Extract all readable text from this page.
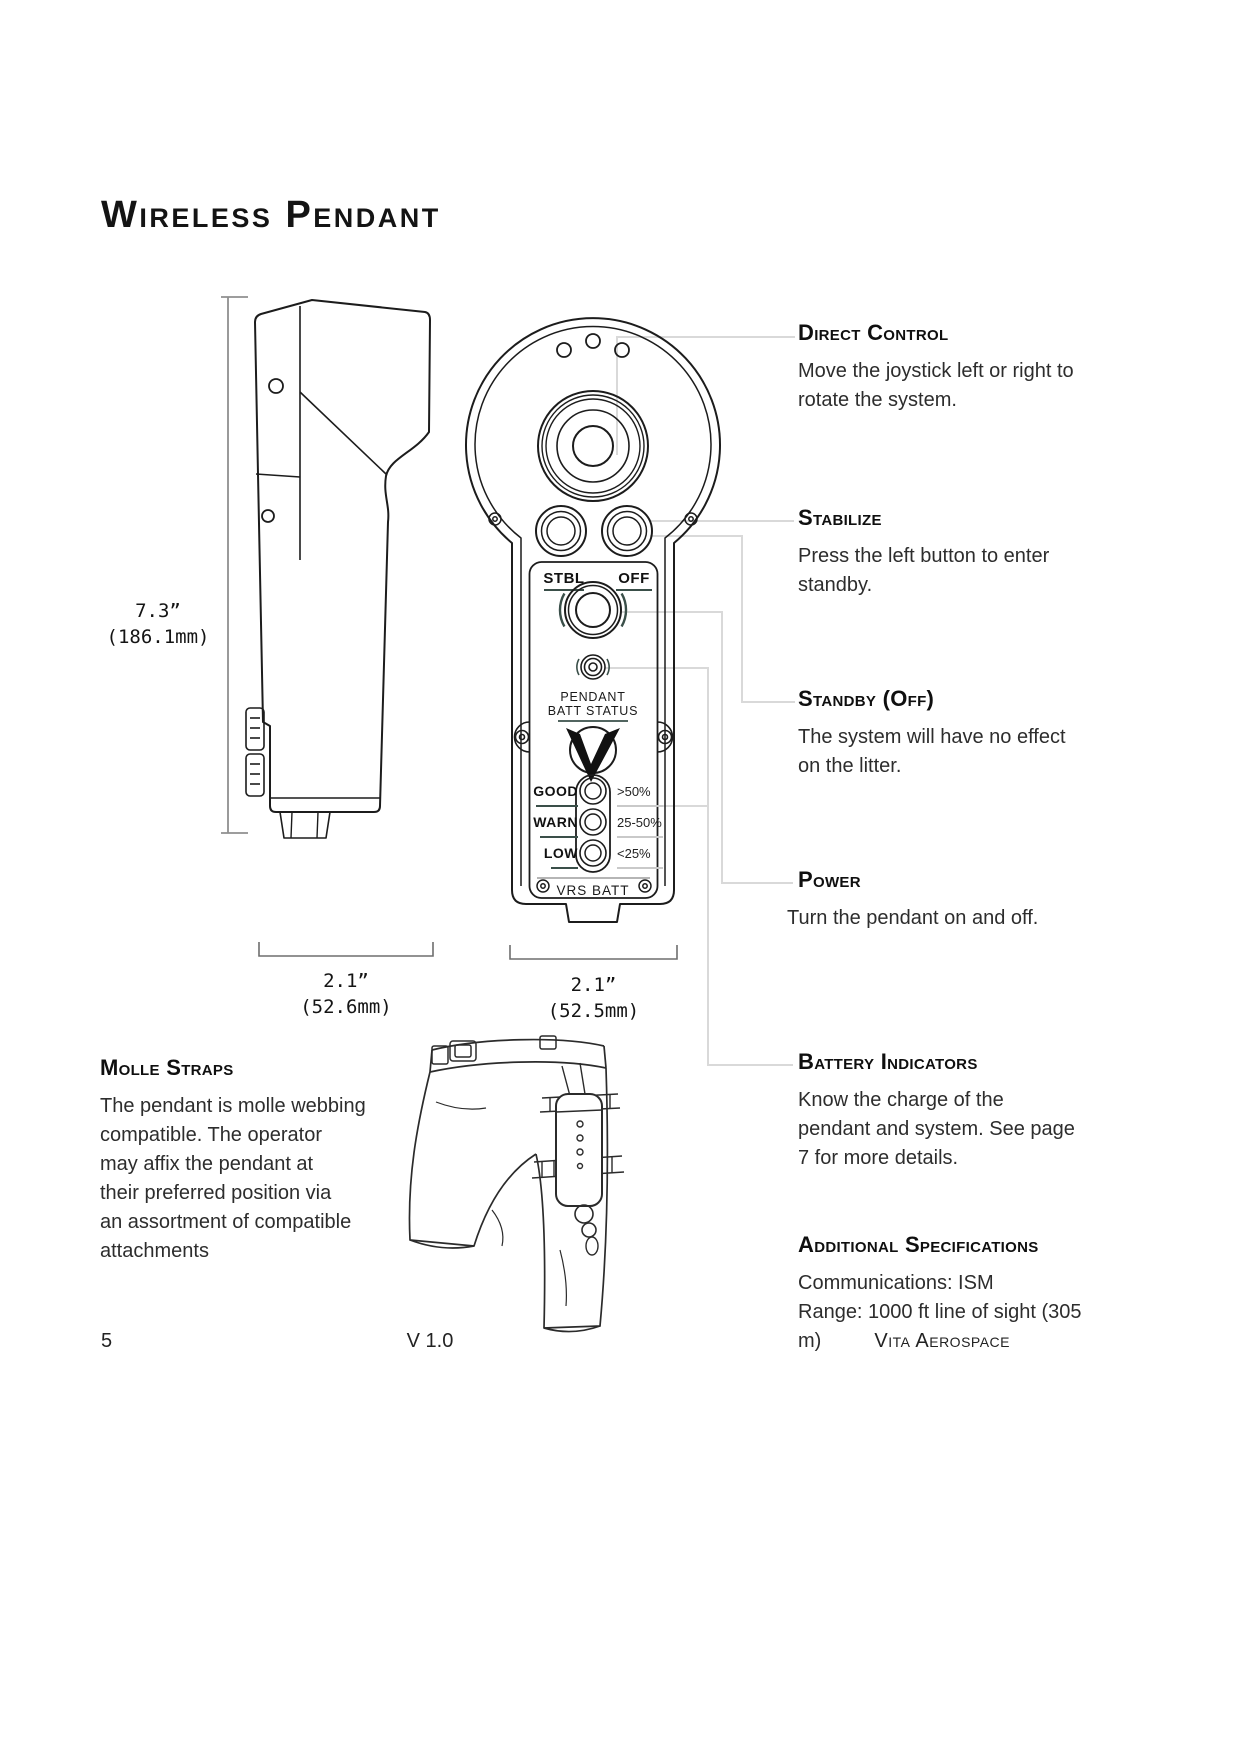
Wireless Pendant
STBL OFF
PENDANT
BATT STATUS
GOOD
WARN
LOW
>50%
25-50%
<25%
VRS BATT
7.3”
(186.1mm)
2.1”
(52.6mm)
2.1”
(52.5mm)
Direct Control
Move the joystick left or right to
rotate the system.
Stabilize
Press the left button to enter
standby.
Standby (Off)
The system will have no effect
on the litter.
Power
Turn the pendant on and off.
Battery Indicators
Know the charge of the
pendant and system. See page
7 for more details.
Additional Specifications
Communications: ISM
Range: 1000 ft line of sight (305
m)
Molle Straps
The pendant is molle webbing
compatible. The operator
may affix the pendant at
their preferred position via
an assortment of compatible
attachments
5	V 1.0	Vita Aerospace
